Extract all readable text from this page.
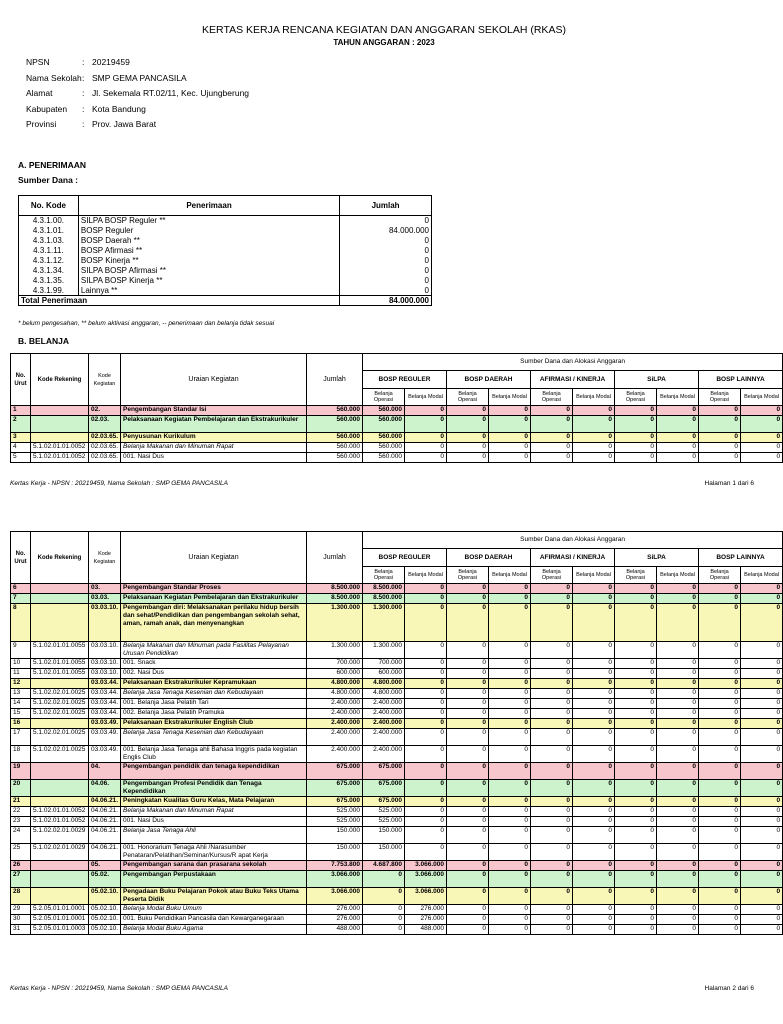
KERTAS KERJA RENCANA KEGIATAN DAN ANGGARAN SEKOLAH (RKAS)
TAHUN ANGGARAN : 2023
NPSN	: 20219459
Nama Sekolah : SMP GEMA PANCASILA
Alamat	: Jl. Sekemala RT.02/11, Kec. Ujungberung
Kabupaten	: Kota Bandung
Provinsi	: Prov. Jawa Barat
A. PENERIMAAN
Sumber Dana :
No. Kode	Penerimaan	Jumlah
4.3.1.00.	SILPA BOSP Reguler **	0
4.3.1.01.	BOSP Reguler	84.000.000
4.3.1.03.	BOSP Daerah **	0
4.3.1.11.	BOSP Afirmasi **	0
4.3.1.12.	BOSP Kinerja **	0
4.3.1.34.	SILPA BOSP Afirmasi **	0
4.3.1.35.	SILPA BOSP Kinerja **	0
4.3.1.99.	Lainnya **	0
Total Penerimaan		84.000.000
* belum pengesahan, ** belum aktivasi anggaran, -- penerimaan dan belanja tidak sesuai
B. BELANJA
No. Urut	Kode Rekening	Kode Kegiatan	Uraian Kegiatan	Jumlah	Sumber Dana dan Alokasi Anggaran									
					BOSP REGULER		BOSP DAERAH		AFIRMASI / KINERJA		SiLPA		BOSP LAINNYA	
					Belanja Operasi	Belanja Modal	Belanja Operasi	Belanja Modal	Belanja Operasi	Belanja Modal	Belanja Operasi	Belanja Modal	Belanja Operasi	Belanja Modal
1		02.	Pengembangan Standar Isi	560.000	560.000	0	0	0	0	0	0	0	0	0
2		02.03.	Pelaksanaan Kegiatan Pembelajaran dan Ekstrakurikuler	560.000	560.000	0	0	0	0	0	0	0	0	0
3		02.03.65.	Penyusunan Kurikulum	560.000	560.000	0	0	0	0	0	0	0	0	0
4	5.1.02.01.01.0052	02.03.65.	Belanja Makanan dan Minuman Rapat	560.000	560.000	0	0	0	0	0	0	0	0	0
5	5.1.02.01.01.0052	02.03.65.	001. Nasi Dus	560.000	560.000	0	0	0	0	0	0	0	0	0
Kertas Kerja - NPSN : 20219459, Nama Sekolah : SMP GEMA PANCASILA	Halaman 1 dari 6
No. Urut	Kode Rekening	Kode Kegiatan	Uraian Kegiatan	Jumlah	Sumber Dana dan Alokasi Anggaran									
					BOSP REGULER		BOSP DAERAH		AFIRMASI / KINERJA		SiLPA		BOSP LAINNYA	
					Belanja Operasi	Belanja Modal	Belanja Operasi	Belanja Modal	Belanja Operasi	Belanja Modal	Belanja Operasi	Belanja Modal	Belanja Operasi	Belanja Modal
6		03.	Pengembangan Standar Proses	8.500.000	8.500.000	0	0	0	0	0	0	0	0	0
7		03.03.	Pelaksanaan Kegiatan Pembelajaran dan Ekstrakurikuler	8.500.000	8.500.000	0	0	0	0	0	0	0	0	0
8		03.03.10.	Pengembangan diri: Melaksanakan perilaku hidup bersih dan sehat/Pendidikan dan pengembangan sekolah sehat, aman, ramah anak, dan menyenangkan	1.300.000	1.300.000	0	0	0	0	0	0	0	0	0
9	5.1.02.01.01.0055	03.03.10.	Belanja Makanan dan Minuman pada Fasilitas Pelayanan Urusan Pendidikan	1.300.000	1.300.000	0	0	0	0	0	0	0	0	0
10	5.1.02.01.01.0055	03.03.10.	001. Snack	700.000	700.000	0	0	0	0	0	0	0	0	0
11	5.1.02.01.01.0055	03.03.10.	002. Nasi Dus	600.000	600.000	0	0	0	0	0	0	0	0	0
12		03.03.44.	Pelaksanaan Ekstrakurikuler Kepramukaan	4.800.000	4.800.000	0	0	0	0	0	0	0	0	0
13	5.1.02.02.01.0025	03.03.44.	Belanja Jasa Tenaga Kesenian dan Kebudayaan	4.800.000	4.800.000	0	0	0	0	0	0	0	0	0
14	5.1.02.02.01.0025	03.03.44.	001. Belanja Jasa Pelatih Tari	2.400.000	2.400.000	0	0	0	0	0	0	0	0	0
15	5.1.02.02.01.0025	03.03.44.	002. Belanja Jasa Pelatih Pramuka	2.400.000	2.400.000	0	0	0	0	0	0	0	0	0
16		03.03.49.	Pelaksanaan Ekstrakurikuler English Club	2.400.000	2.400.000	0	0	0	0	0	0	0	0	0
17	5.1.02.02.01.0025	03.03.49.	Belanja Jasa Tenaga Kesenian dan Kebudayaan	2.400.000	2.400.000	0	0	0	0	0	0	0	0	0
18	5.1.02.02.01.0025	03.03.49.	001. Belanja Jasa Tenaga ahli Bahasa Inggris pada kegiatan Englis Club	2.400.000	2.400.000	0	0	0	0	0	0	0	0	0
19		04.	Pengembangan pendidik dan tenaga kependidikan	675.000	675.000	0	0	0	0	0	0	0	0	0
20		04.06.	Pengembangan Profesi Pendidik dan Tenaga Kependidikan	675.000	675.000	0	0	0	0	0	0	0	0	0
21		04.06.21.	Peningkatan Kualitas Guru Kelas, Mata Pelajaran	675.000	675.000	0	0	0	0	0	0	0	0	0
22	5.1.02.01.01.0052	04.06.21.	Belanja Makanan dan Minuman Rapat	525.000	525.000	0	0	0	0	0	0	0	0	0
23	5.1.02.01.01.0052	04.06.21.	001. Nasi Dus	525.000	525.000	0	0	0	0	0	0	0	0	0
24	5.1.02.02.01.0029	04.06.21.	Belanja Jasa Tenaga Ahli	150.000	150.000	0	0	0	0	0	0	0	0	0
25	5.1.02.02.01.0029	04.06.21.	001. Honorarium Tenaga Ahli /Narasumber Penataran/Pelatihan/Seminar/Kursus/R apat Kerja	150.000	150.000	0	0	0	0	0	0	0	0	0
26		05.	Pengembangan sarana dan prasarana sekolah	7.753.800	4.687.800	3.066.000	0	0	0	0	0	0	0	0
27		05.02.	Pengembangan Perpustakaan	3.066.000	0	3.066.000	0	0	0	0	0	0	0	0
28		05.02.10.	Pengadaan Buku Pelajaran Pokok atau Buku Teks Utama Peserta Didik	3.066.000	0	3.066.000	0	0	0	0	0	0	0	0
29	5.2.05.01.01.0001	05.02.10.	Belanja Modal Buku Umum	276.000	0	276.000	0	0	0	0	0	0	0	0
30	5.2.05.01.01.0001	05.02.10.	001. Buku Pendidikan Pancasila dan Kewarganegaraan	276.000	0	276.000	0	0	0	0	0	0	0	0
31	5.2.05.01.01.0003	05.02.10.	Belanja Modal Buku Agama	488.000	0	488.000	0	0	0	0	0	0	0	0
Kertas Kerja - NPSN : 20219459, Nama Sekolah : SMP GEMA PANCASILA	Halaman 2 dari 6
